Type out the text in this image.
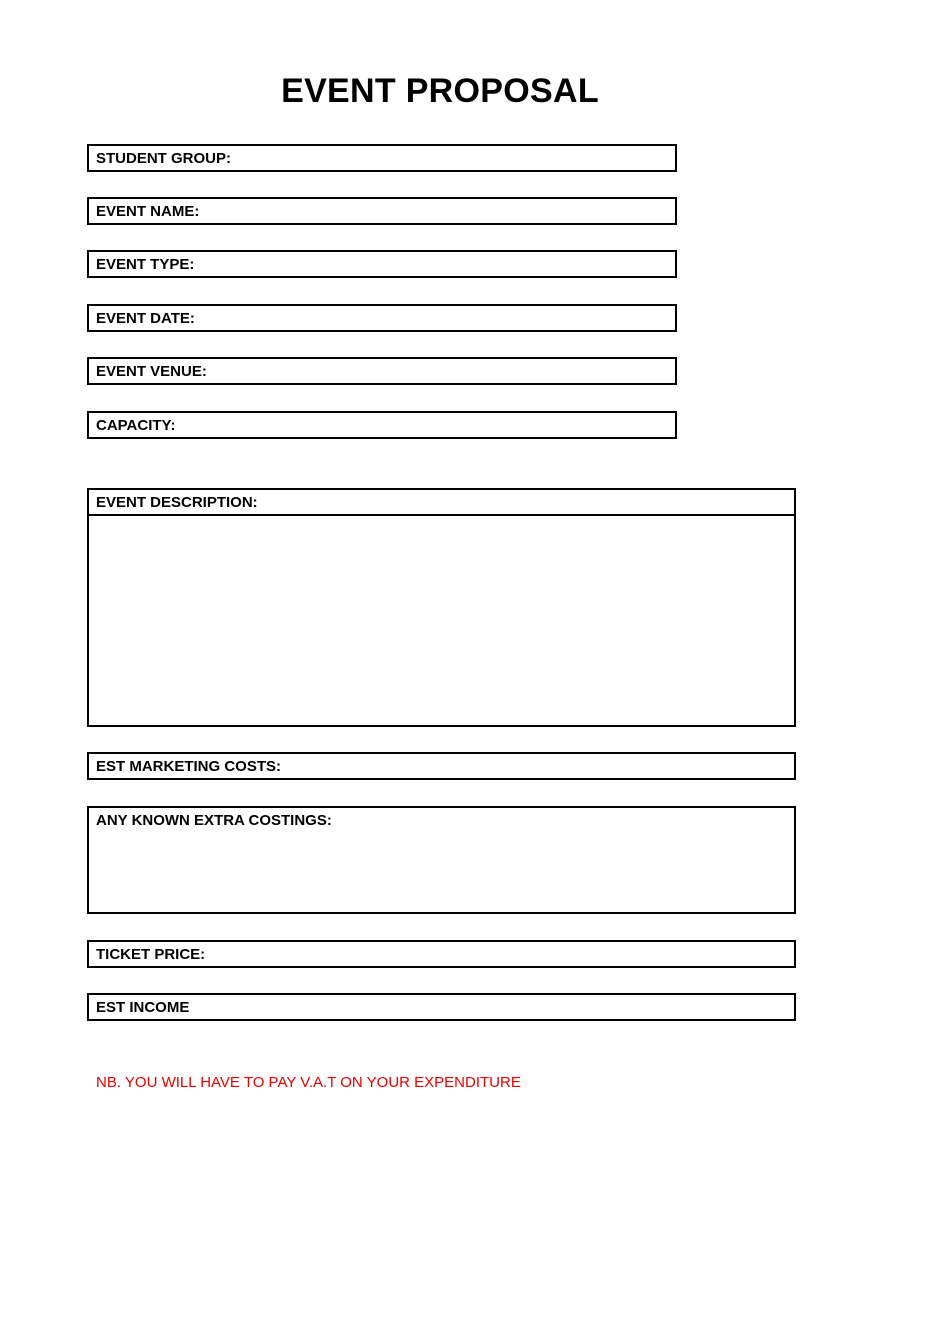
EVENT PROPOSAL
STUDENT GROUP:
EVENT NAME:
EVENT TYPE:
EVENT DATE:
EVENT VENUE:
CAPACITY:
EVENT DESCRIPTION:
EST MARKETING COSTS:
ANY KNOWN EXTRA COSTINGS:
TICKET PRICE:
EST INCOME
NB. YOU WILL HAVE TO PAY V.A.T ON YOUR EXPENDITURE
